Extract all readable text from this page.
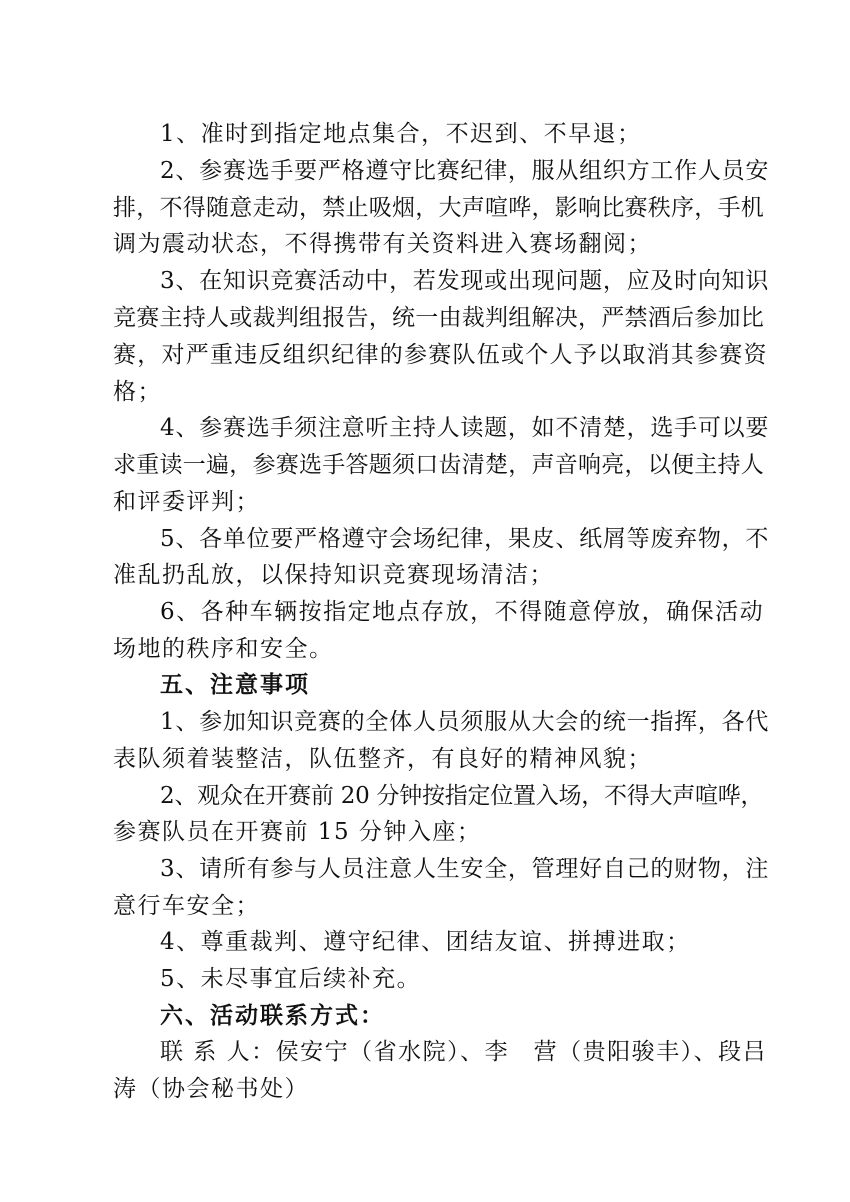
1、准时到指定地点集合，不迟到、不早退；
2、参赛选手要严格遵守比赛纪律，服从组织方工作人员安
排，不得随意走动，禁止吸烟，大声喧哗，影响比赛秩序，手机
调为震动状态，不得携带有关资料进入赛场翻阅；
3、在知识竞赛活动中，若发现或出现问题，应及时向知识
竞赛主持人或裁判组报告，统一由裁判组解决，严禁酒后参加比
赛，对严重违反组织纪律的参赛队伍或个人予以取消其参赛资
格；
4、参赛选手须注意听主持人读题，如不清楚，选手可以要
求重读一遍，参赛选手答题须口齿清楚，声音响亮，以便主持人
和评委评判；
5、各单位要严格遵守会场纪律，果皮、纸屑等废弃物，不
准乱扔乱放，以保持知识竞赛现场清洁；
6、各种车辆按指定地点存放，不得随意停放，确保活动
场地的秩序和安全。
五、注意事项
1、参加知识竞赛的全体人员须服从大会的统一指挥，各代
表队须着装整洁，队伍整齐，有良好的精神风貌；
2、观众在开赛前 20 分钟按指定位置入场，不得大声喧哗，
参赛队员在开赛前 15 分钟入座；
3、请所有参与人员注意人生安全，管理好自己的财物，注
意行车安全；
4、尊重裁判、遵守纪律、团结友谊、拼搏进取；
5、未尽事宜后续补充。
六、活动联系方式：
联 系 人：侯安宁（省水院）、李　营（贵阳骏丰）、段吕
涛（协会秘书处）
